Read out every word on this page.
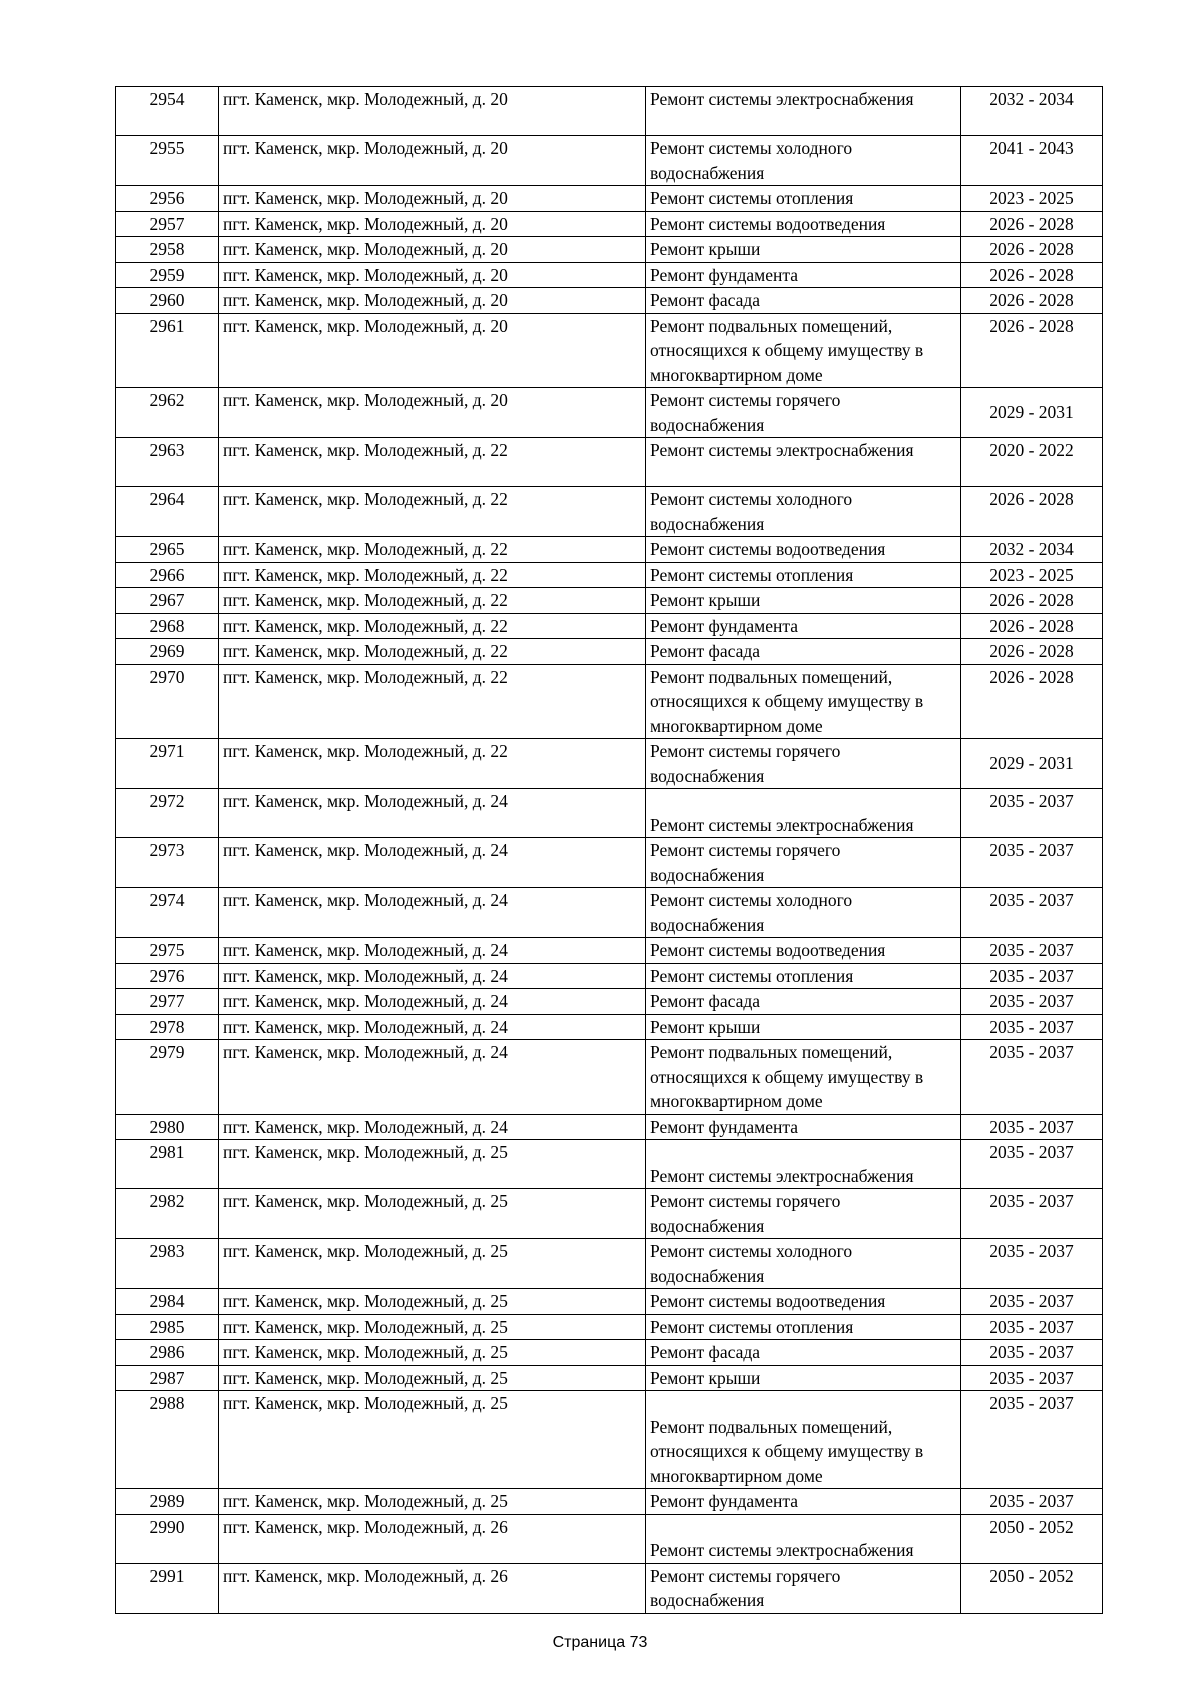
2954	пгт. Каменск, мкр. Молодежный, д. 20	Ремонт системы электроснабжения	2032 - 2034
2955	пгт. Каменск, мкр. Молодежный, д. 20	Ремонт системы холодного водоснабжения	2041 - 2043
2956	пгт. Каменск, мкр. Молодежный, д. 20	Ремонт системы отопления	2023 - 2025
2957	пгт. Каменск, мкр. Молодежный, д. 20	Ремонт системы водоотведения	2026 - 2028
2958	пгт. Каменск, мкр. Молодежный, д. 20	Ремонт крыши	2026 - 2028
2959	пгт. Каменск, мкр. Молодежный, д. 20	Ремонт фундамента	2026 - 2028
2960	пгт. Каменск, мкр. Молодежный, д. 20	Ремонт фасада	2026 - 2028
2961	пгт. Каменск, мкр. Молодежный, д. 20	Ремонт подвальных помещений, относящихся к общему имуществу в многоквартирном доме	2026 - 2028
2962	пгт. Каменск, мкр. Молодежный, д. 20	Ремонт системы горячего водоснабжения	2029 - 2031
2963	пгт. Каменск, мкр. Молодежный, д. 22	Ремонт системы электроснабжения	2020 - 2022
2964	пгт. Каменск, мкр. Молодежный, д. 22	Ремонт системы холодного водоснабжения	2026 - 2028
2965	пгт. Каменск, мкр. Молодежный, д. 22	Ремонт системы водоотведения	2032 - 2034
2966	пгт. Каменск, мкр. Молодежный, д. 22	Ремонт системы отопления	2023 - 2025
2967	пгт. Каменск, мкр. Молодежный, д. 22	Ремонт крыши	2026 - 2028
2968	пгт. Каменск, мкр. Молодежный, д. 22	Ремонт фундамента	2026 - 2028
2969	пгт. Каменск, мкр. Молодежный, д. 22	Ремонт фасада	2026 - 2028
2970	пгт. Каменск, мкр. Молодежный, д. 22	Ремонт подвальных помещений, относящихся к общему имуществу в многоквартирном доме	2026 - 2028
2971	пгт. Каменск, мкр. Молодежный, д. 22	Ремонт системы горячего водоснабжения	2029 - 2031
2972	пгт. Каменск, мкр. Молодежный, д. 24	Ремонт системы электроснабжения	2035 - 2037
2973	пгт. Каменск, мкр. Молодежный, д. 24	Ремонт системы горячего водоснабжения	2035 - 2037
2974	пгт. Каменск, мкр. Молодежный, д. 24	Ремонт системы холодного водоснабжения	2035 - 2037
2975	пгт. Каменск, мкр. Молодежный, д. 24	Ремонт системы водоотведения	2035 - 2037
2976	пгт. Каменск, мкр. Молодежный, д. 24	Ремонт системы отопления	2035 - 2037
2977	пгт. Каменск, мкр. Молодежный, д. 24	Ремонт фасада	2035 - 2037
2978	пгт. Каменск, мкр. Молодежный, д. 24	Ремонт крыши	2035 - 2037
2979	пгт. Каменск, мкр. Молодежный, д. 24	Ремонт подвальных помещений, относящихся к общему имуществу в многоквартирном доме	2035 - 2037
2980	пгт. Каменск, мкр. Молодежный, д. 24	Ремонт фундамента	2035 - 2037
2981	пгт. Каменск, мкр. Молодежный, д. 25	Ремонт системы электроснабжения	2035 - 2037
2982	пгт. Каменск, мкр. Молодежный, д. 25	Ремонт системы горячего водоснабжения	2035 - 2037
2983	пгт. Каменск, мкр. Молодежный, д. 25	Ремонт системы холодного водоснабжения	2035 - 2037
2984	пгт. Каменск, мкр. Молодежный, д. 25	Ремонт системы водоотведения	2035 - 2037
2985	пгт. Каменск, мкр. Молодежный, д. 25	Ремонт системы отопления	2035 - 2037
2986	пгт. Каменск, мкр. Молодежный, д. 25	Ремонт фасада	2035 - 2037
2987	пгт. Каменск, мкр. Молодежный, д. 25	Ремонт крыши	2035 - 2037
2988	пгт. Каменск, мкр. Молодежный, д. 25	Ремонт подвальных помещений, относящихся к общему имуществу в многоквартирном доме	2035 - 2037
2989	пгт. Каменск, мкр. Молодежный, д. 25	Ремонт фундамента	2035 - 2037
2990	пгт. Каменск, мкр. Молодежный, д. 26	Ремонт системы электроснабжения	2050 - 2052
2991	пгт. Каменск, мкр. Молодежный, д. 26	Ремонт системы горячего водоснабжения	2050 - 2052
Страница 73
